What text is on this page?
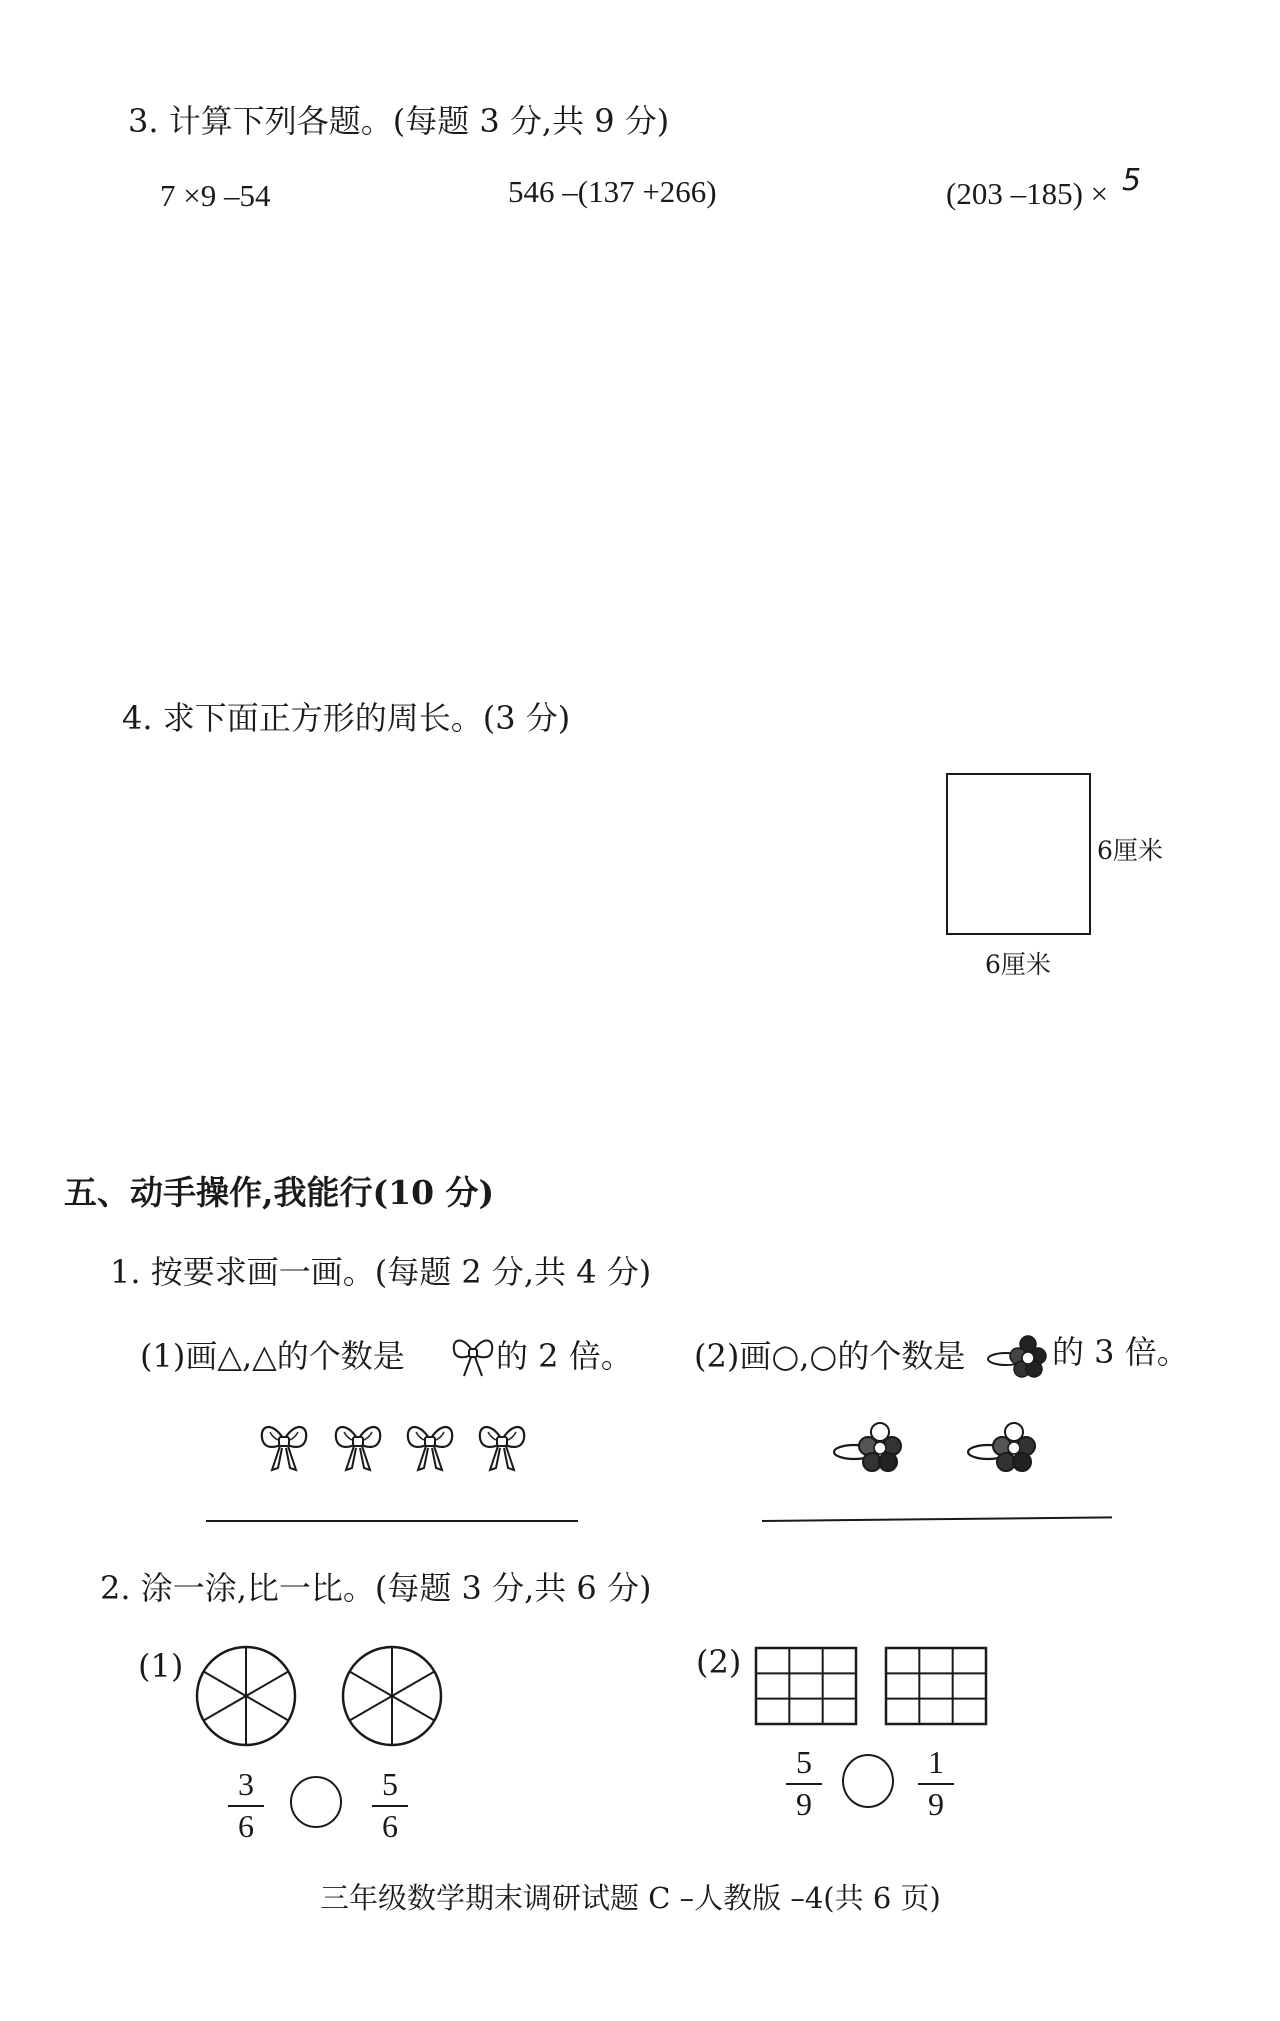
3. 计算下列各题。(每题 3 分,共 9 分)
7 ×9 –54	546 –(137 +266)	(203 –185) × 5
4. 求下面正方形的周长。(3 分)
6厘米
6厘米
五、动手操作,我能行(10 分)
1. 按要求画一画。(每题 2 分,共 4 分)
(1)画△,△的个数是	的 2 倍。 (2)画○,○的个数是	的 3 倍。
2. 涂一涂,比一比。(每题 3 分,共 6 分)
(1)	(2)
3
6
5
6
5
9
1
9
三年级数学期末调研试题 C –人教版 –4(共 6 页)
